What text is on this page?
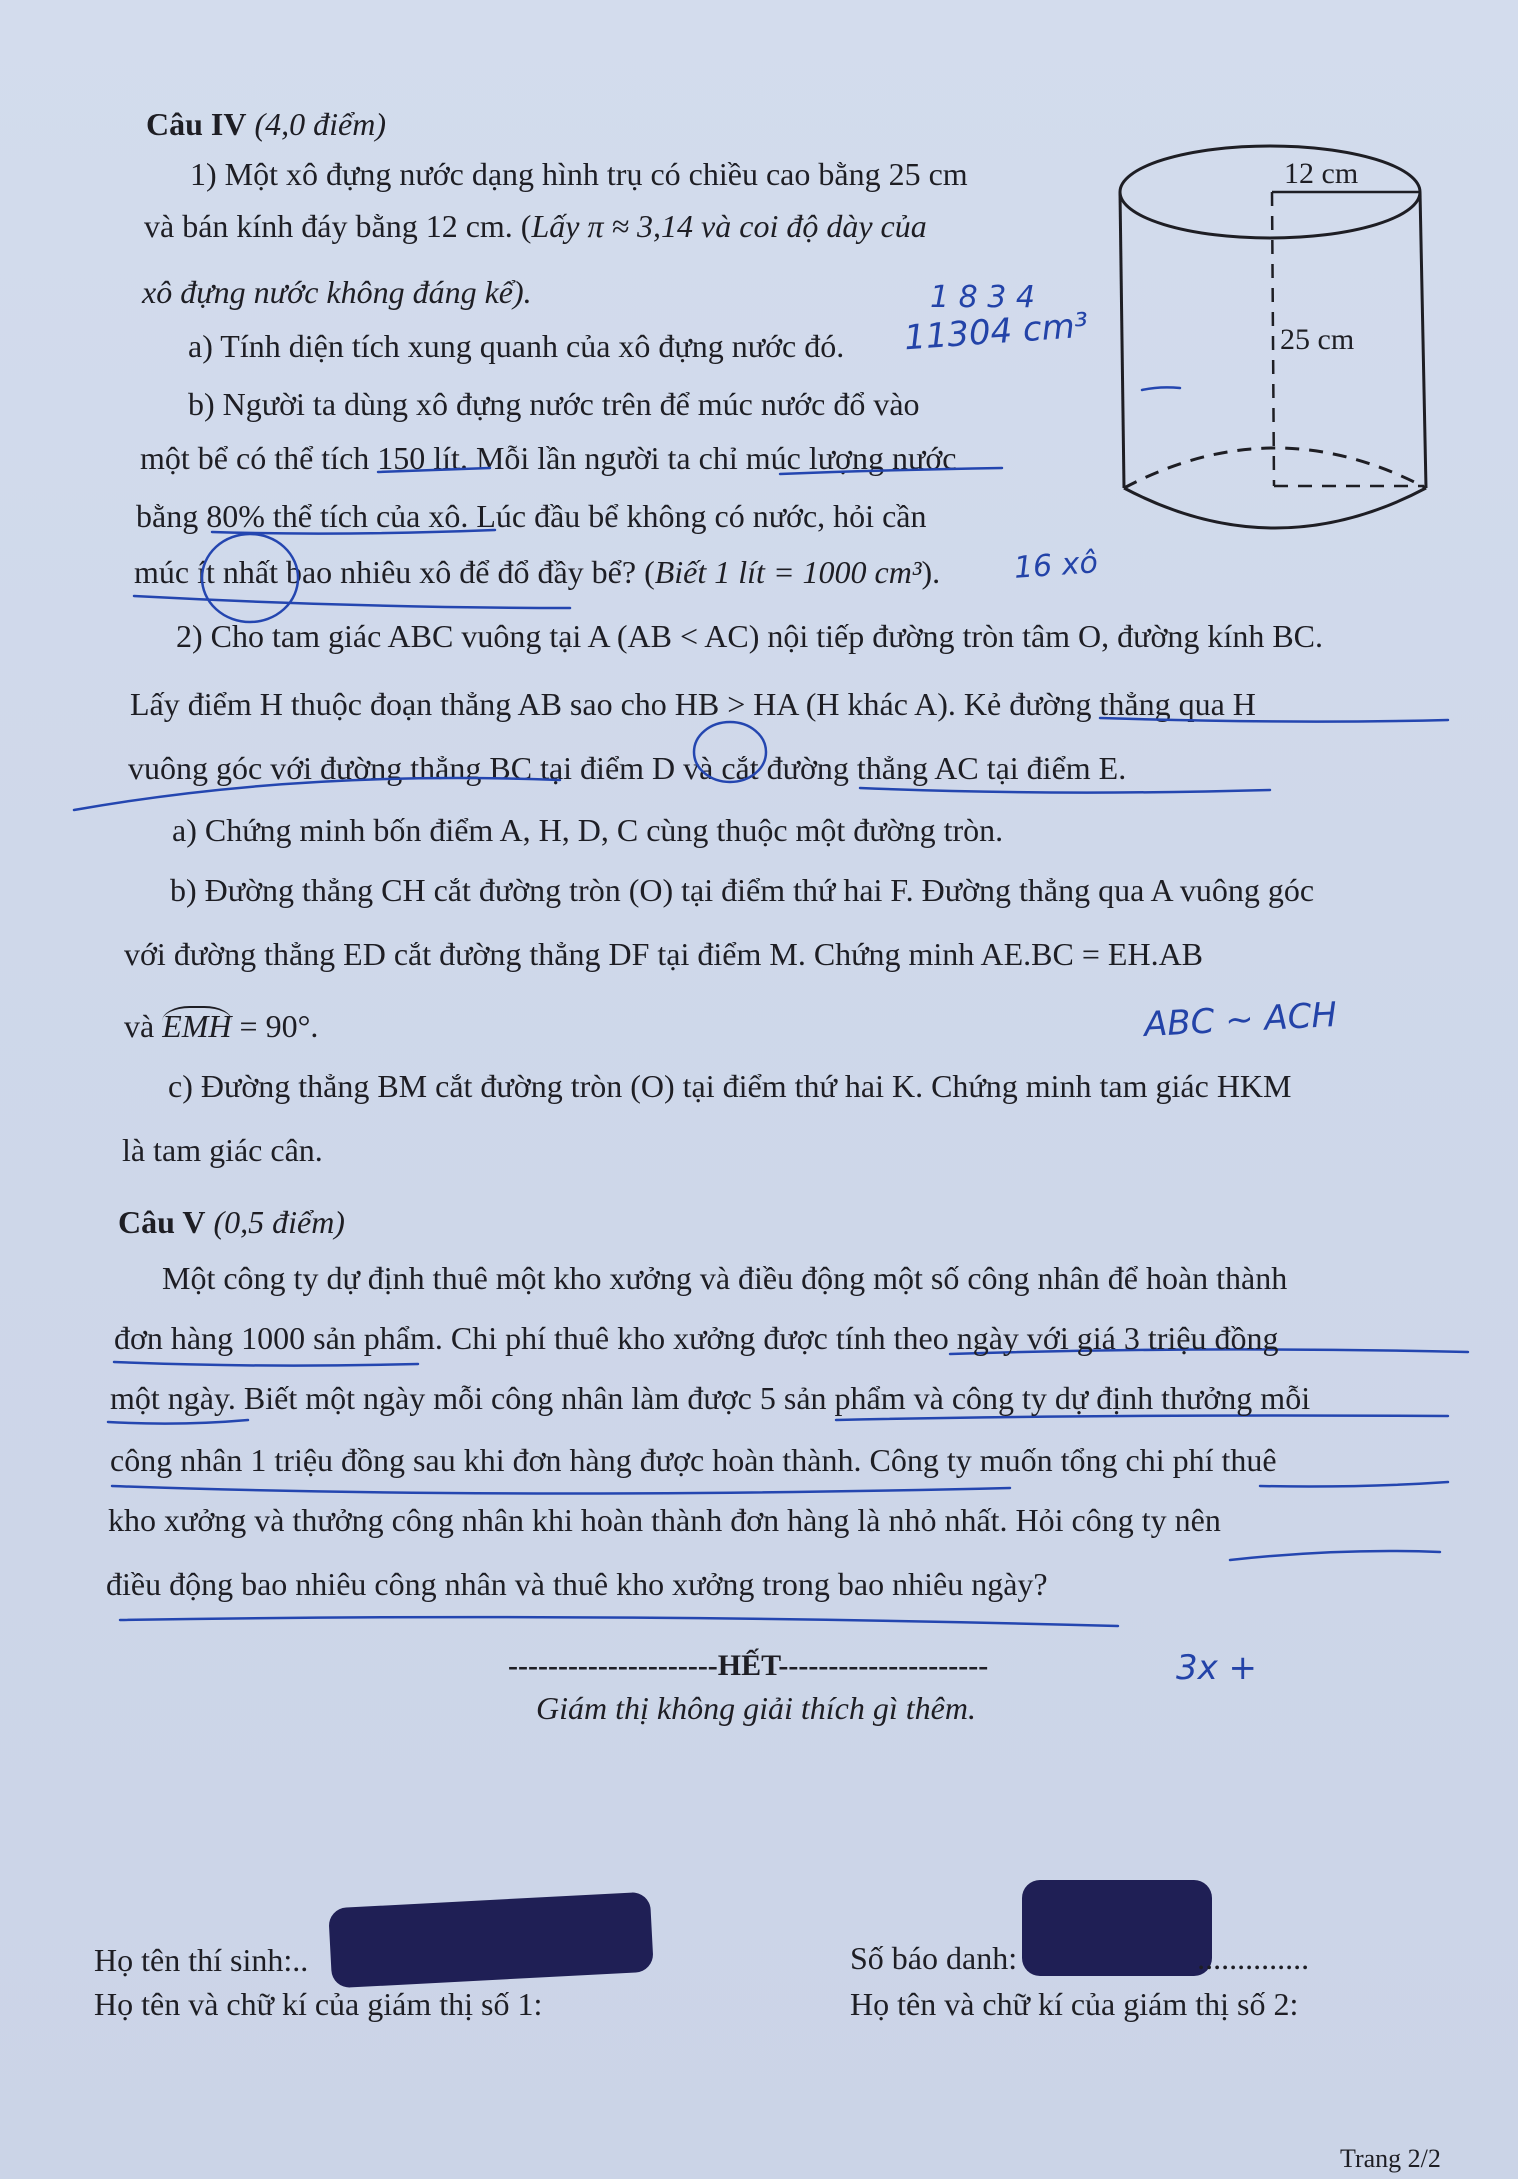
Câu IV (4,0 điểm)
1) Một xô đựng nước dạng hình trụ có chiều cao bằng 25 cm
và bán kính đáy bằng 12 cm. (Lấy π ≈ 3,14 và coi độ dày của
xô đựng nước không đáng kể).
a) Tính diện tích xung quanh của xô đựng nước đó.
b) Người ta dùng xô đựng nước trên để múc nước đổ vào
một bể có thể tích 150 lít. Mỗi lần người ta chỉ múc lượng nước
bằng 80% thể tích của xô. Lúc đầu bể không có nước, hỏi cần
múc ít nhất bao nhiêu xô để đổ đầy bể? (Biết 1 lít = 1000 cm³).
2) Cho tam giác ABC vuông tại A (AB < AC) nội tiếp đường tròn tâm O, đường kính BC.
Lấy điểm H thuộc đoạn thẳng AB sao cho HB > HA (H khác A). Kẻ đường thẳng qua H
vuông góc với đường thẳng BC tại điểm D và cắt đường thẳng AC tại điểm E.
a) Chứng minh bốn điểm A, H, D, C cùng thuộc một đường tròn.
b) Đường thẳng CH cắt đường tròn (O) tại điểm thứ hai F. Đường thẳng qua A vuông góc
với đường thẳng ED cắt đường thẳng DF tại điểm M. Chứng minh AE.BC = EH.AB
và EMH = 90°.
c) Đường thẳng BM cắt đường tròn (O) tại điểm thứ hai K. Chứng minh tam giác HKM
là tam giác cân.
12 cm
25 cm
1 8 3 4
11304 cm³
16 xô
ABC ∼ ACH
3x +
Câu V (0,5 điểm)
Một công ty dự định thuê một kho xưởng và điều động một số công nhân để hoàn thành
đơn hàng 1000 sản phẩm. Chi phí thuê kho xưởng được tính theo ngày với giá 3 triệu đồng
một ngày. Biết một ngày mỗi công nhân làm được 5 sản phẩm và công ty dự định thưởng mỗi
công nhân 1 triệu đồng sau khi đơn hàng được hoàn thành. Công ty muốn tổng chi phí thuê
kho xưởng và thưởng công nhân khi hoàn thành đơn hàng là nhỏ nhất. Hỏi công ty nên
điều động bao nhiêu công nhân và thuê kho xưởng trong bao nhiêu ngày?
---------------------HẾT---------------------
Giám thị không giải thích gì thêm.
Họ tên thí sinh:..	Số báo danh:	..............
Họ tên và chữ kí của giám thị số 1:	Họ tên và chữ kí của giám thị số 2:
Trang 2/2
